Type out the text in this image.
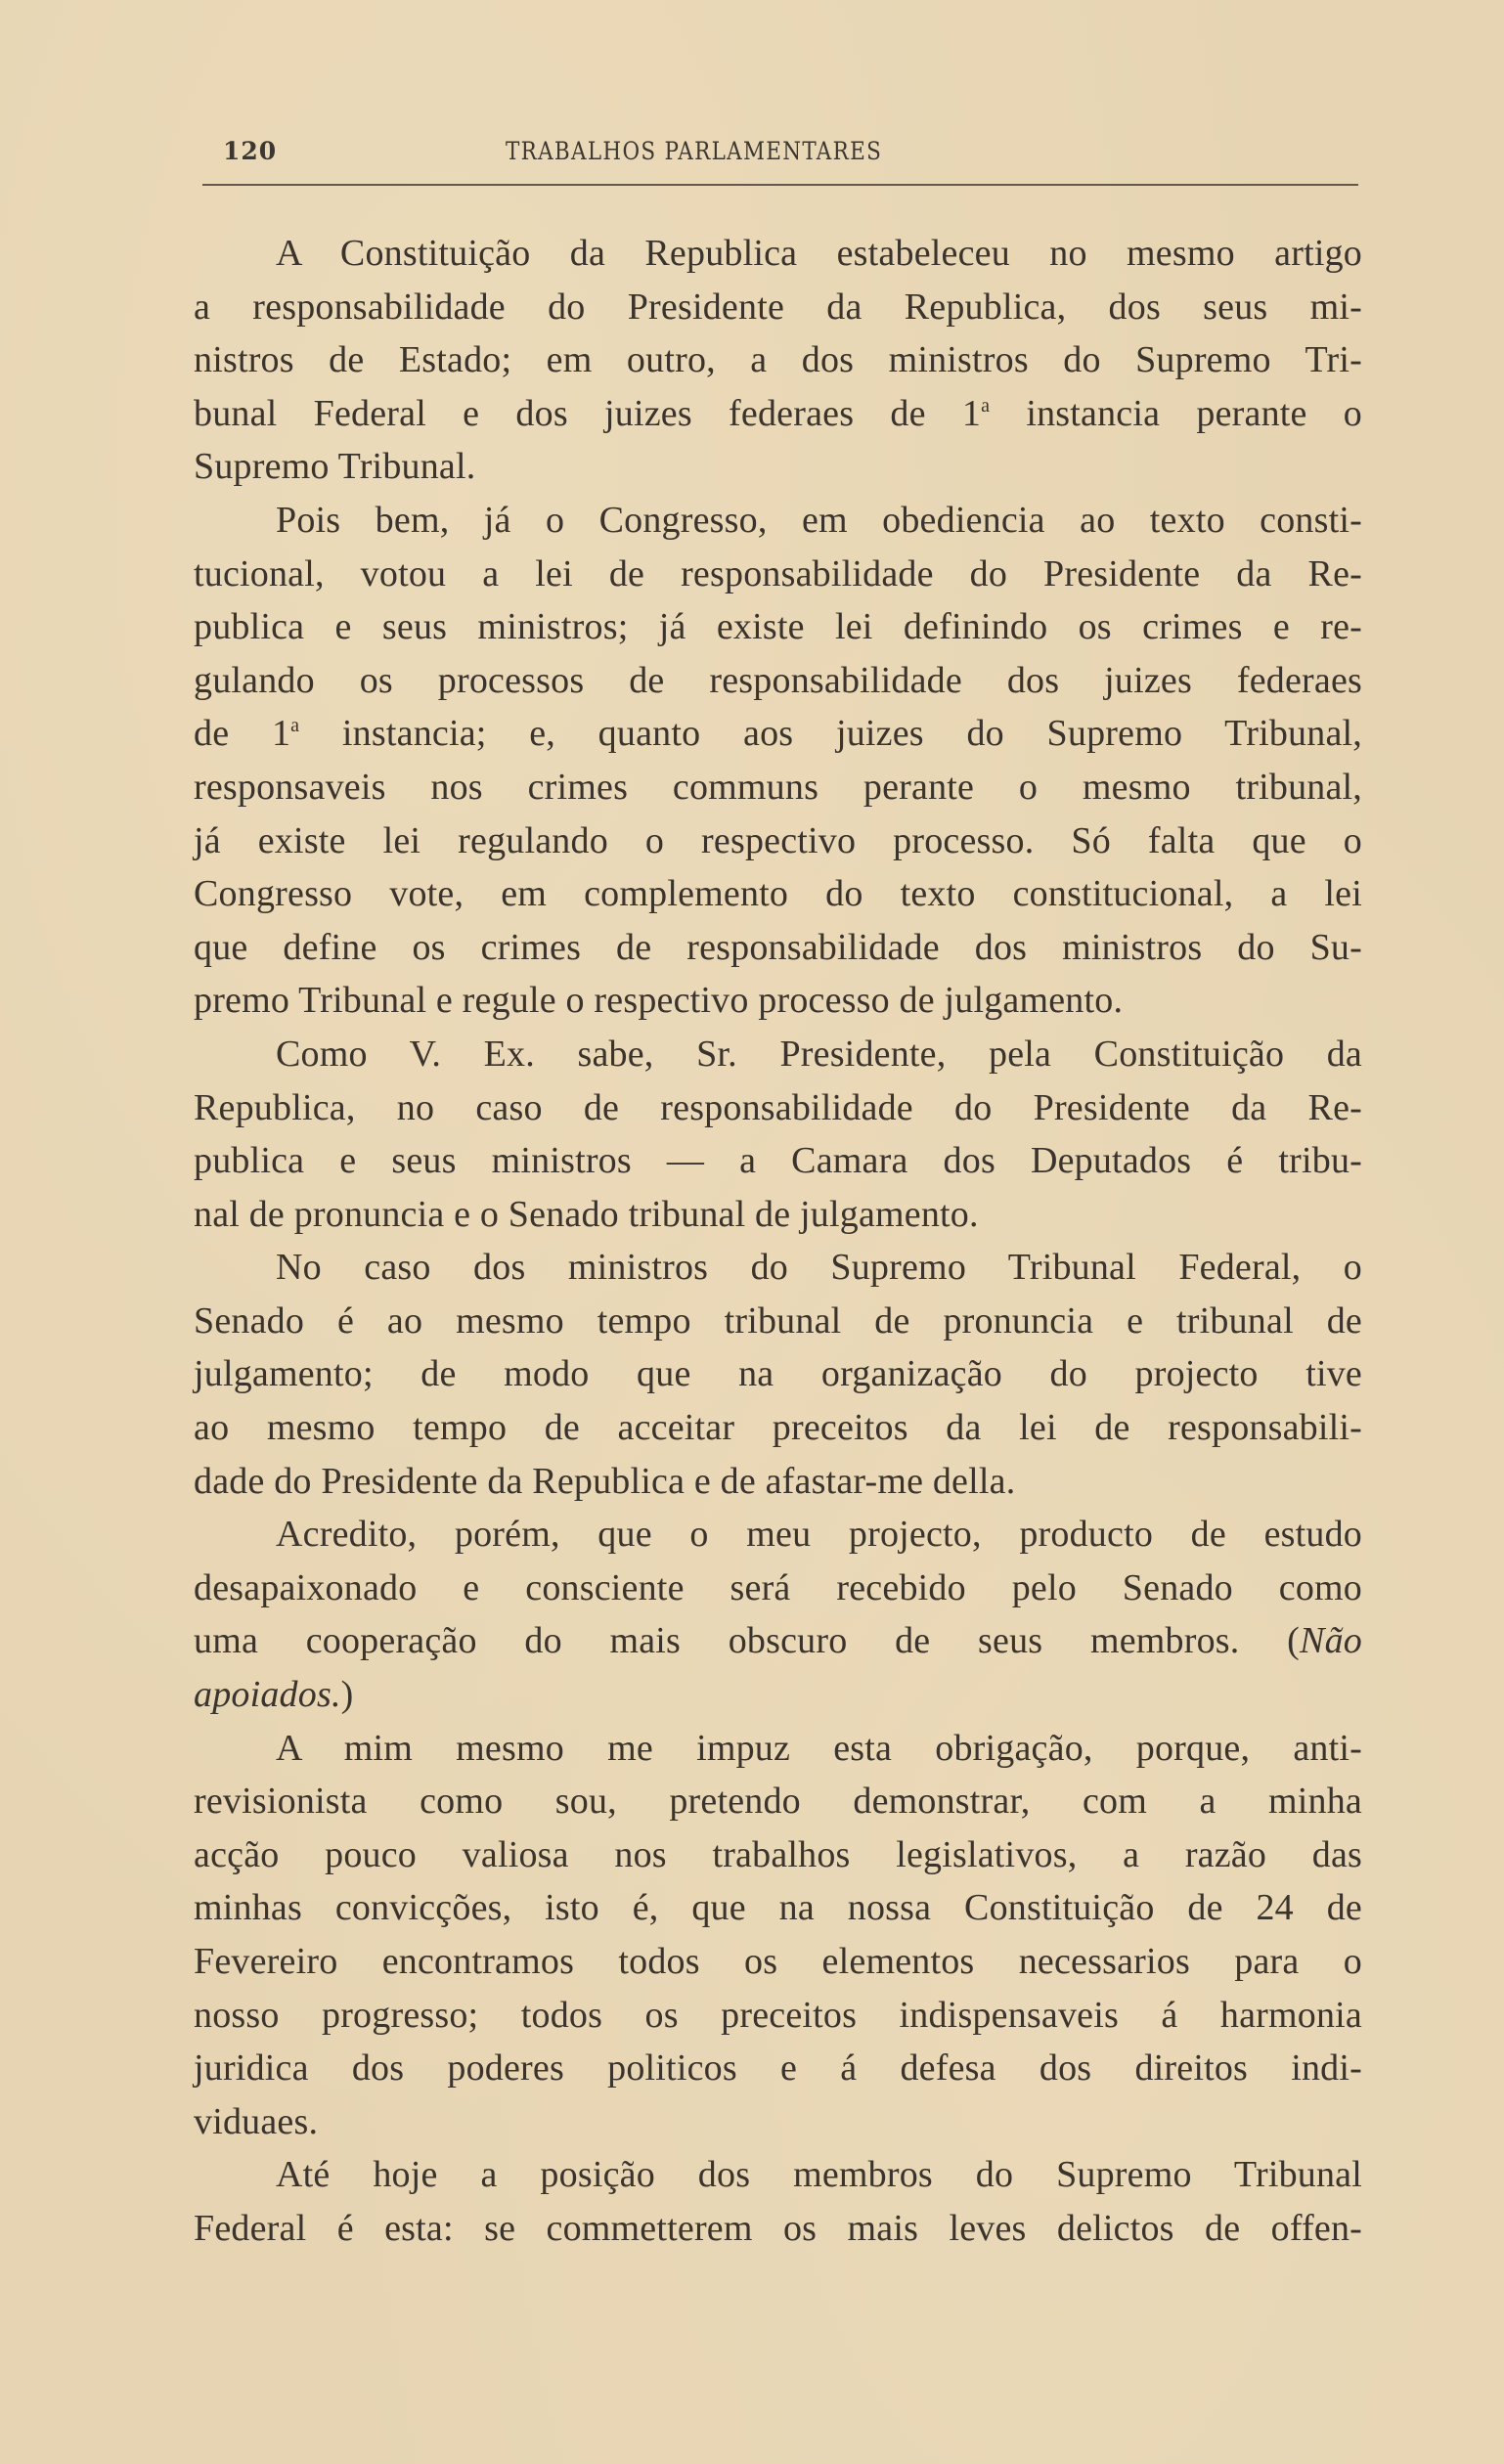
120	TRABALHOS PARLAMENTARES
A Constituição da Republica estabeleceu no mesmo artigo
a responsabilidade do Presidente da Republica, dos seus mi-
nistros de Estado; em outro, a dos ministros do Supremo Tri-
bunal Federal e dos juizes federaes de 1$^a$ instancia perante o
Supremo Tribunal.
Pois bem, já o Congresso, em obediencia ao texto consti-
tucional, votou a lei de responsabilidade do Presidente da Re-
publica e seus ministros; já existe lei definindo os crimes e re-
gulando os processos de responsabilidade dos juizes federaes
de 1$^a$ instancia; e, quanto aos juizes do Supremo Tribunal,
responsaveis nos crimes communs perante o mesmo tribunal,
já existe lei regulando o respectivo processo. Só falta que o
Congresso vote, em complemento do texto constitucional, a lei
que define os crimes de responsabilidade dos ministros do Su-
premo Tribunal e regule o respectivo processo de julgamento.
Como V. Ex. sabe, Sr. Presidente, pela Constituição da
Republica, no caso de responsabilidade do Presidente da Re-
publica e seus ministros — a Camara dos Deputados é tribu-
nal de pronuncia e o Senado tribunal de julgamento.
No caso dos ministros do Supremo Tribunal Federal, o
Senado é ao mesmo tempo tribunal de pronuncia e tribunal de
julgamento; de modo que na organização do projecto tive
ao mesmo tempo de acceitar preceitos da lei de responsabili-
dade do Presidente da Republica e de afastar-me della.
Acredito, porém, que o meu projecto, producto de estudo
desapaixonado e consciente será recebido pelo Senado como
uma cooperação do mais obscuro de seus membros. (Não
apoiados.)
A mim mesmo me impuz esta obrigação, porque, anti-
revisionista como sou, pretendo demonstrar, com a minha
acção pouco valiosa nos trabalhos legislativos, a razão das
minhas convicções, isto é, que na nossa Constituição de 24 de
Fevereiro encontramos todos os elementos necessarios para o
nosso progresso; todos os preceitos indispensaveis á harmonia
juridica dos poderes politicos e á defesa dos direitos indi-
viduaes.
Até hoje a posição dos membros do Supremo Tribunal
Federal é esta: se commetterem os mais leves delictos de offen-
